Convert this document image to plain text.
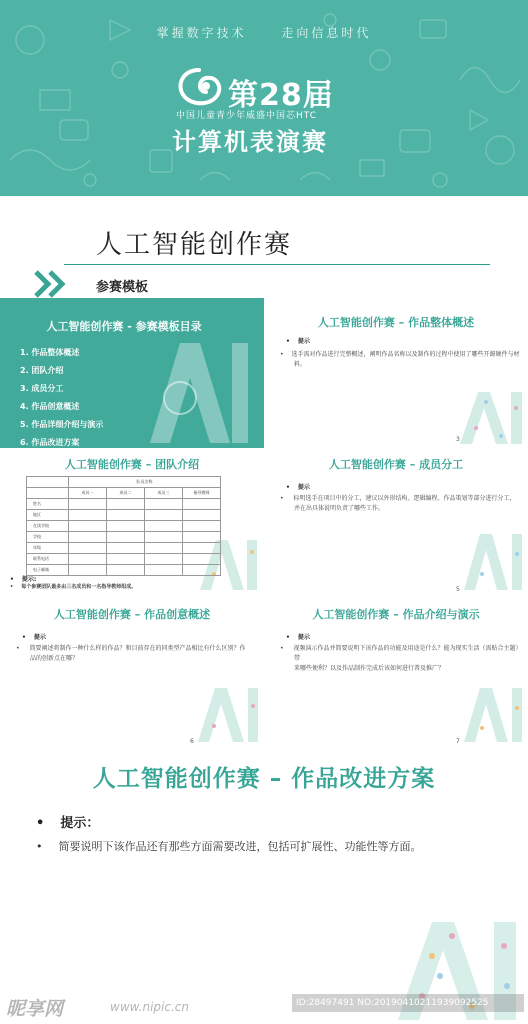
掌握数字技术	走向信息时代
第28届
中国儿童青少年威盛中国芯HTC
计算机表演赛
人工智能创作赛
参赛模板
人工智能创作赛 - 参赛模板目录
1. 作品整体概述
2. 团队介绍
3. 成员分工
4. 作品创意概述
5. 作品详细介绍与演示
6. 作品改进方案
人工智能创作赛 – 作品整体概述
• 提示
• 选手需对作品进行完整概述，阐明作品名称以及制作的过程中使用了哪些开源硬件与材料。
3
人工智能创作赛 – 团队介绍
• 提示:
• 每个参赛团队最多由三名成员和一名指导教师组成。
	队员名称			
	成员一	成员二	成员三	指导教师
姓名				
地区				
在读学校				
学校				
年级				
联系电话				
电子邮箱				
人工智能创作赛 – 成员分工
• 提示
• 标明选手在项目中的分工，建议以外形结构、逻辑编程、作品策划等部分进行分工，
并在出具体说明负责了哪些工作。
5
人工智能创作赛 – 作品创意概述
• 提示
• 简要阐述将制作一种什么样的作品？和目前存在的同类型产品相比有什么区别？作
品的创新点在哪？
6
人工智能创作赛 – 作品介绍与演示
• 提示
• 视频演示作品并简要说明下该作品的功能及用途是什么？能为现实生活（需贴合主题）带
来哪些便利？以及作品制作完成后该如何进行普及推广？
7
人工智能创作赛 – 作品改进方案
• 提示：
• 简要说明下该作品还有那些方面需要改进，包括可扩展性、功能性等方面。
昵享网	www.nipic.cn	ID:28497491 NO:20190410211939092525
